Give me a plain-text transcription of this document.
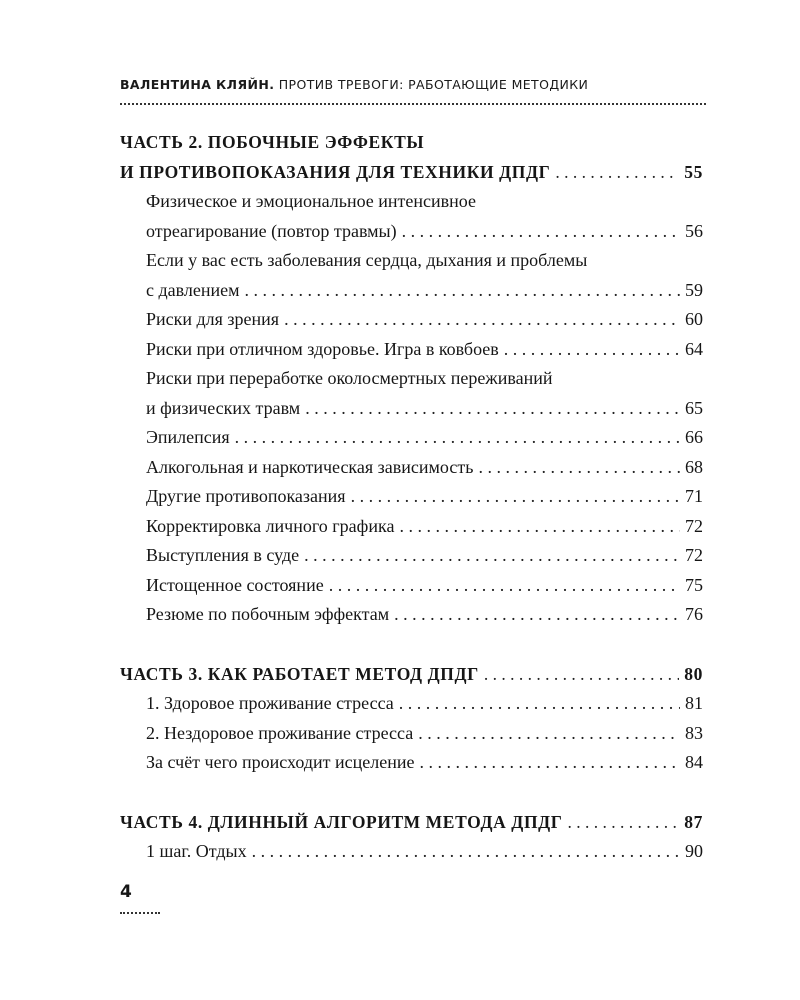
ВАЛЕНТИНА КЛЯЙН. ПРОТИВ ТРЕВОГИ: РАБОТАЮЩИЕ МЕТОДИКИ
ЧАСТЬ 2. ПОБОЧНЫЕ ЭФФЕКТЫ
И ПРОТИВОПОКАЗАНИЯ ДЛЯ ТЕХНИКИ ДПДГ . . .	55
Физическое и эмоциональное интенсивное
отреагирование (повтор травмы) . . .	56
Если у вас есть заболевания сердца, дыхания и проблемы
с давлением . . .	59
Риски для зрения . . .	60
Риски при отличном здоровье. Игра в ковбоев . . .	64
Риски при переработке околосмертных переживаний
и физических травм . . .	65
Эпилепсия . . .	66
Алкогольная и наркотическая зависимость . . .	68
Другие противопоказания . . .	71
Корректировка личного графика . . .	72
Выступления в суде . . .	72
Истощенное состояние . . .	75
Резюме по побочным эффектам . . .	76
ЧАСТЬ 3. КАК РАБОТАЕТ МЕТОД ДПДГ . . .	80
1. Здоровое проживание стресса . . .	81
2. Нездоровое проживание стресса . . .	83
За счёт чего происходит исцеление . . .	84
ЧАСТЬ 4. ДЛИННЫЙ АЛГОРИТМ МЕТОДА ДПДГ . . .	87
1 шаг. Отдых . . .	90
4
